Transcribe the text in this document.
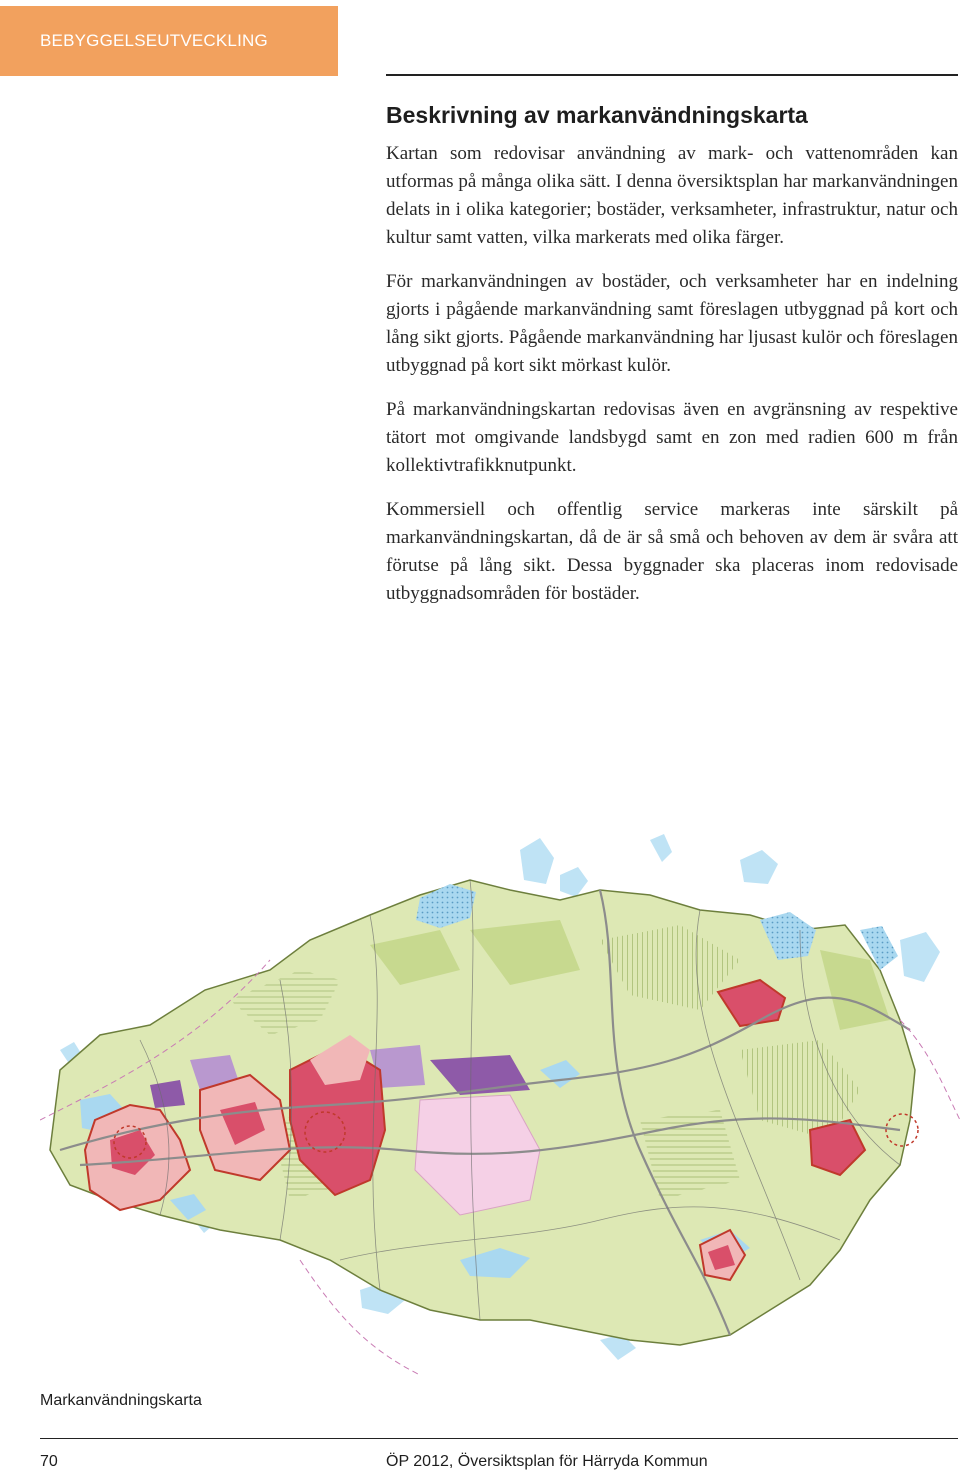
BEBYGGELSEUTVECKLING
Beskrivning av markanvändningskarta

Kartan som redovisar användning av mark- och vattenområden kan utformas på många olika sätt. I denna översiktsplan har markanvändningen delats in i olika kategorier; bostäder, verksamheter, infrastruktur, natur och kultur samt vatten, vilka markerats med olika färger.

För markanvändningen av bostäder, och verksamheter har en indelning gjorts i pågående markanvändning samt föreslagen utbyggnad på kort och lång sikt gjorts. Pågående markanvändning har ljusast kulör och föreslagen utbyggnad på kort sikt mörkast kulör.

På markanvändningskartan redovisas även en avgränsning av respektive tätort mot omgivande landsbygd samt en zon med radien 600 m från kollektivtrafikknutpunkt.

Kommersiell och offentlig service markeras inte särskilt på markanvändningskartan, då de är så små och behoven av dem är svåra att förutse på lång sikt. Dessa byggnader ska placeras inom redovisade utbyggnadsområden för bostäder.

Markanvändningskarta
70	ÖP 2012, Översiktsplan för Härryda Kommun
